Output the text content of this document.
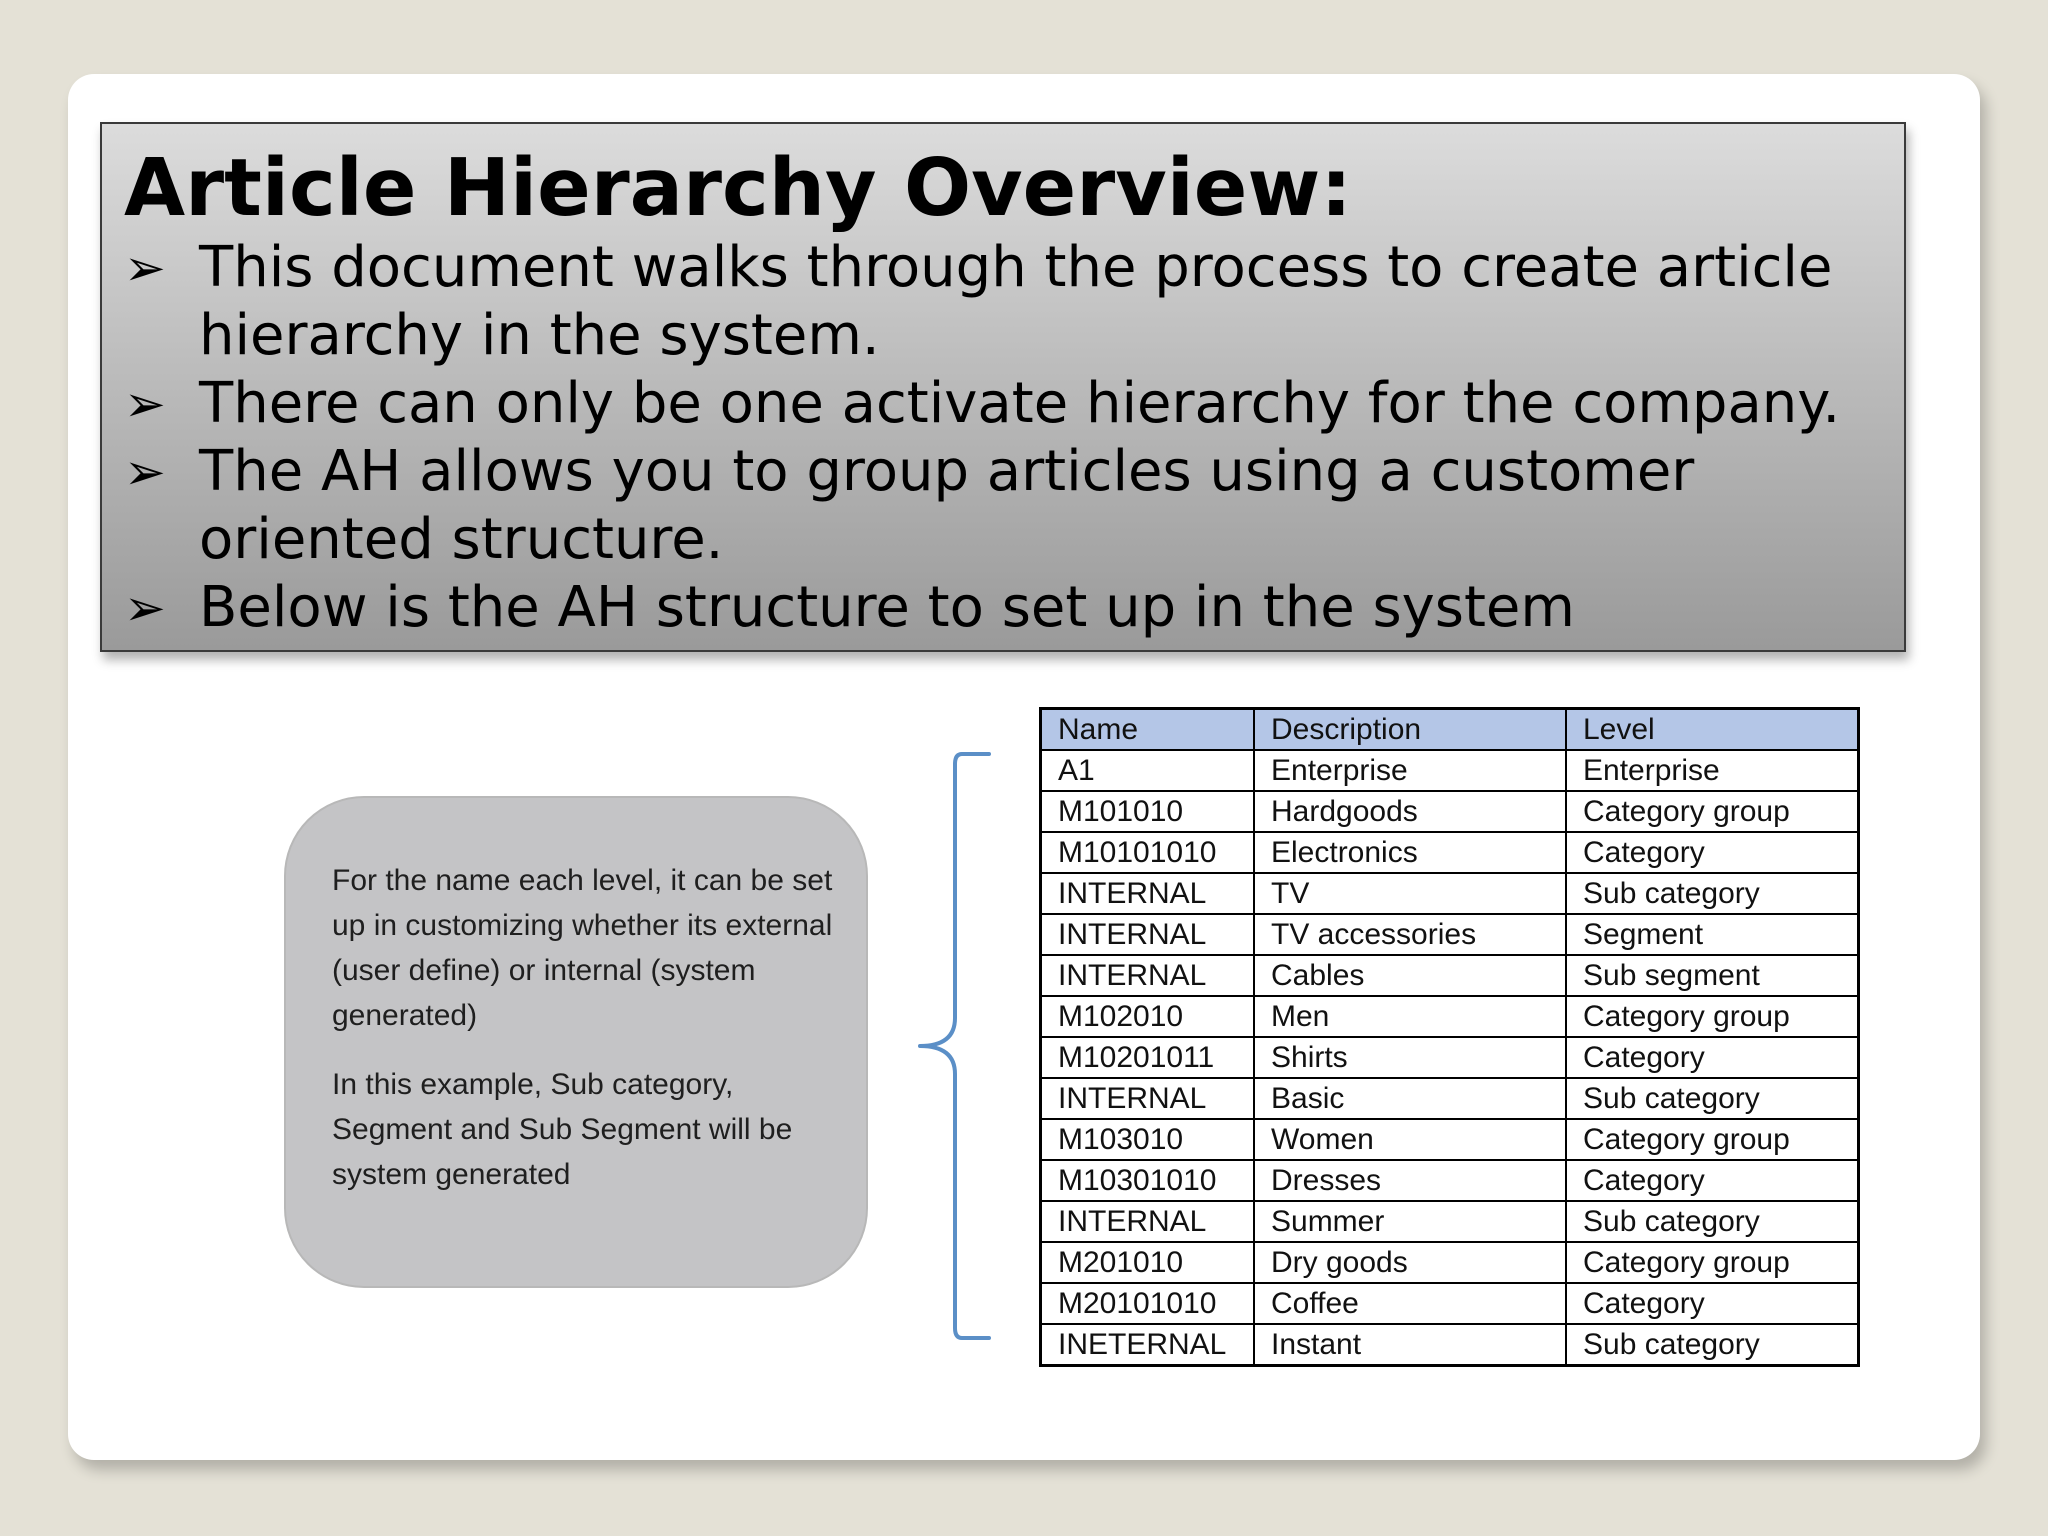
Article Hierarchy Overview:
➢ This document walks through the process to create article hierarchy in the system.
➢ There can only be one activate hierarchy for the company.
➢ The AH allows you to group articles using a customer oriented structure.
➢ Below is the AH structure to set up in the system

For the name each level, it can be set up in customizing whether its external (user define) or internal (system generated)

In this example, Sub category, Segment and Sub Segment will be system generated

Name	Description	Level
A1	Enterprise	Enterprise
M101010	Hardgoods	Category group
M10101010	Electronics	Category
INTERNAL	TV	Sub category
INTERNAL	TV accessories	Segment
INTERNAL	Cables	Sub segment
M102010	Men	Category group
M10201011	Shirts	Category
INTERNAL	Basic	Sub category
M103010	Women	Category group
M10301010	Dresses	Category
INTERNAL	Summer	Sub category
M201010	Dry goods	Category group
M20101010	Coffee	Category
INETERNAL	Instant	Sub category
